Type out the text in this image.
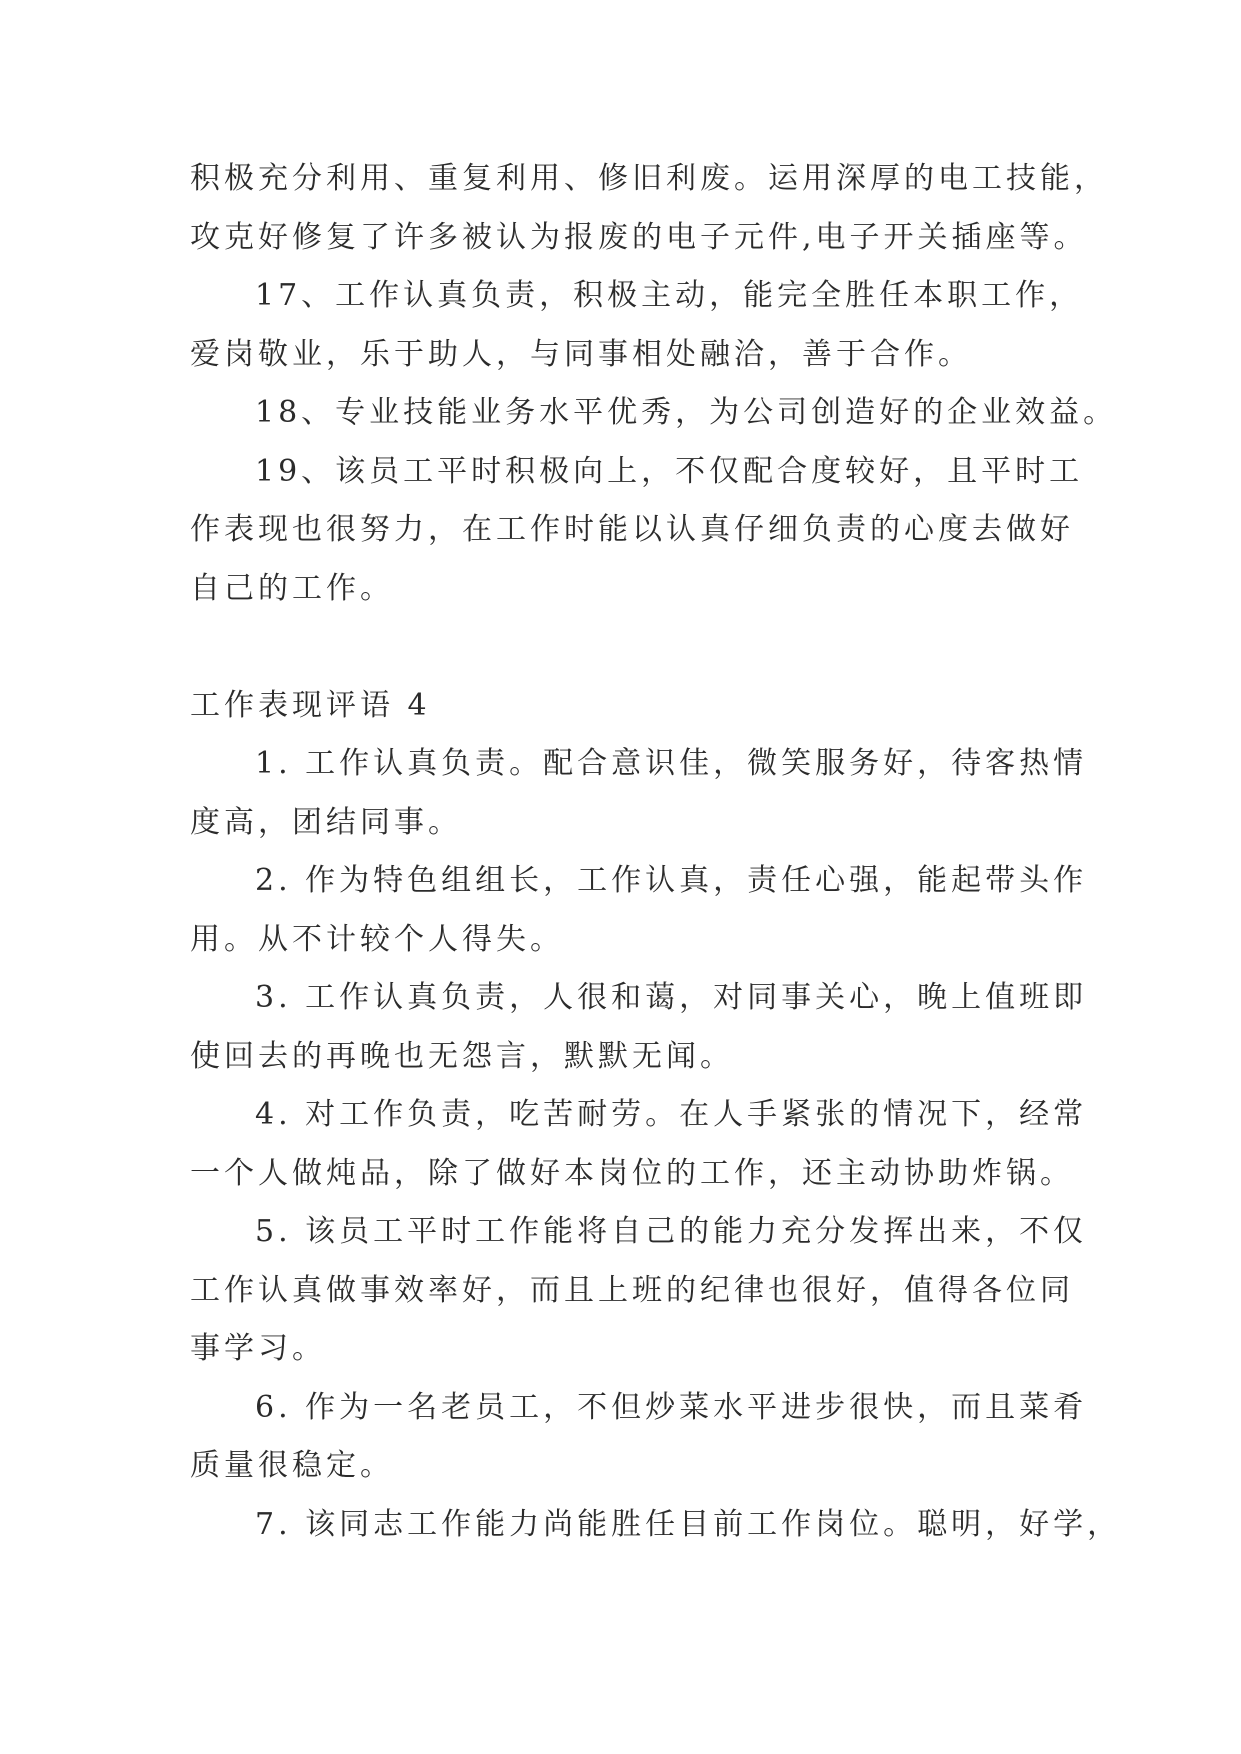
积极充分利用、重复利用、修旧利废。运用深厚的电工技能，

攻克好修复了许多被认为报废的电子元件,电子开关插座等。

17、工作认真负责，积极主动，能完全胜任本职工作，

爱岗敬业，乐于助人，与同事相处融洽，善于合作。

18、专业技能业务水平优秀，为公司创造好的企业效益。

19、该员工平时积极向上，不仅配合度较好，且平时工

作表现也很努力，在工作时能以认真仔细负责的心度去做好

自己的工作。

工作表现评语 4

1. 工作认真负责。配合意识佳，微笑服务好，待客热情

度高，团结同事。

2. 作为特色组组长，工作认真，责任心强，能起带头作

用。从不计较个人得失。

3. 工作认真负责，人很和蔼，对同事关心，晚上值班即

使回去的再晚也无怨言，默默无闻。

4. 对工作负责，吃苦耐劳。在人手紧张的情况下，经常

一个人做炖品，除了做好本岗位的工作，还主动协助炸锅。

5. 该员工平时工作能将自己的能力充分发挥出来，不仅

工作认真做事效率好，而且上班的纪律也很好，值得各位同

事学习。

6. 作为一名老员工，不但炒菜水平进步很快，而且菜肴

质量很稳定。

7. 该同志工作能力尚能胜任目前工作岗位。聪明，好学，
